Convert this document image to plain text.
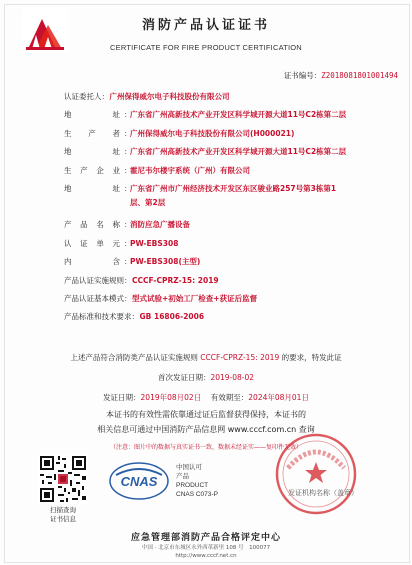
消防产品认证证书
CERTIFICATE FOR FIRE PRODUCT CERTIFICATION
证书编号：Z2018081801001494
认证委托人 ： 广州保得威尔电子科技股份有限公司
地	址 ：
广东省广州高新技术产业开发区科学城开源大道11号C2栋第二层
生 产 者 ：
广州保得威尔电子科技股份有限公司(H000021)
地	址 ：
广东省广州高新技术产业开发区科学城开源大道11号C2栋第二层
生 产 企 业 ：
霍尼韦尔楼宇系统（广州）有限公司
地	址 ：
广东省广州市广州经济技术开发区东区骏业路257号第3栋第1
层、第2层
产 品 名 称 ：
消防应急广播设备
认 证 单 元 ：
PW-EBS308
内	含 ：
PW-EBS308(主型)
产品认证实施规则 ： CCCF-CPRZ-15: 2019
产品认证基本模式 ： 型式试验+初始工厂检查+获证后监督
产品标准和技术要求 ： GB 16806-2006
上述产品符合消防类产品认证实施规则 CCCF-CPRZ-15: 2019 的要求，特发此证
首次发证日期：2019-08-02
发证日期：2019年08月02日 有效期至：2024年08月01日
本证书的有效性需依靠通过证后监督获得保持，本证书的
相关信息可通过中国消防产品信息网 www.cccf.com.cn 查询
（注意：图片中的数据与真实证书一致，数据未经证实——复印件无效）
扫描查询
证书信息
CNAS
中国认可
产品
PRODUCT
CNAS C073-P	发证机构名称（盖章）
应急管理部消防产品合格评定中心
中国 · 北京市东城区永外西革新里 108 号　100077
http://www.cccf.net.cn
